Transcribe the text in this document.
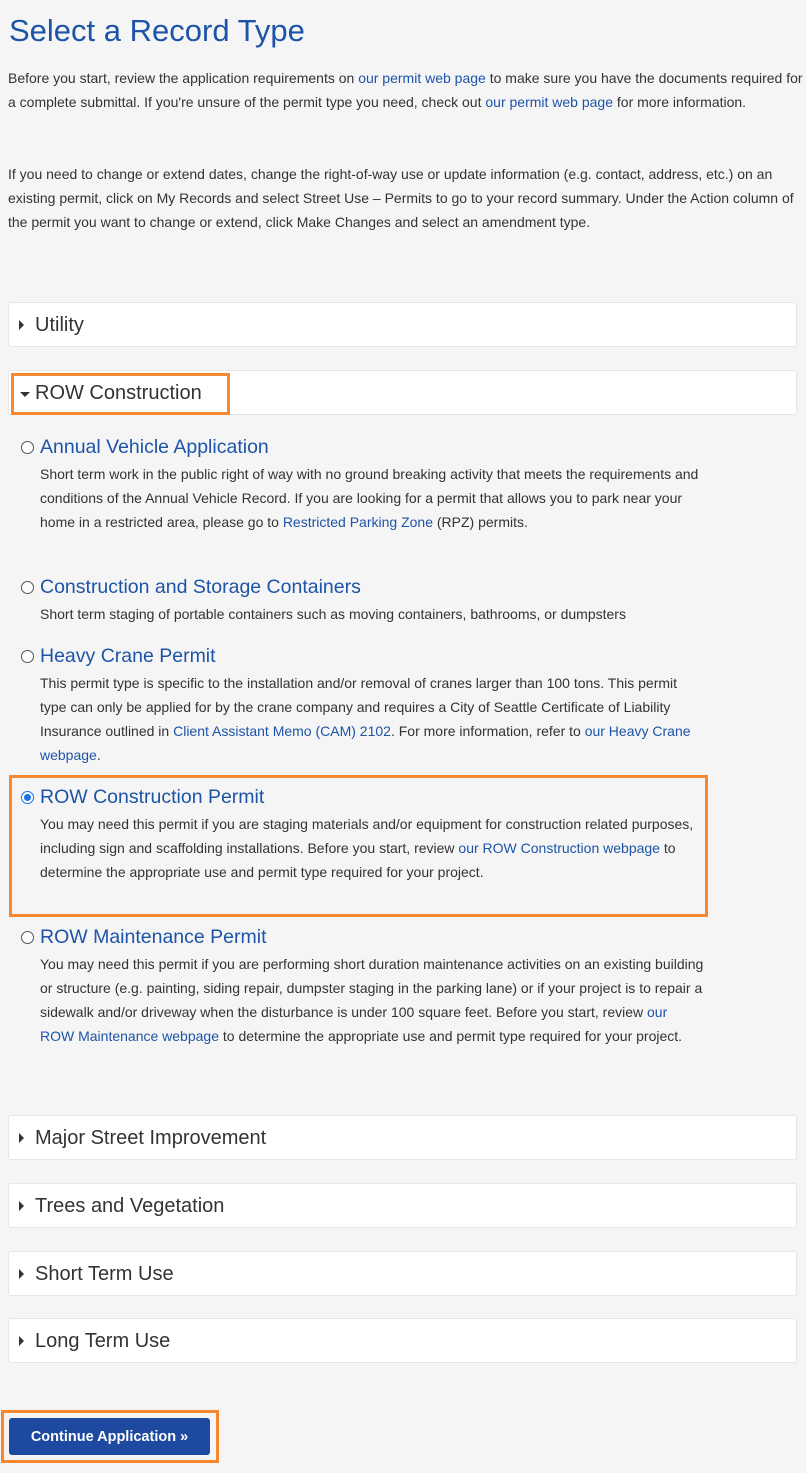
Select a Record Type

Before you start, review the application requirements on our permit web page to make sure you have the documents required for a complete submittal. If you're unsure of the permit type you need, check out our permit web page for more information.

If you need to change or extend dates, change the right-of-way use or update information (e.g. contact, address, etc.) on an existing permit, click on My Records and select Street Use – Permits to go to your record summary. Under the Action column of the permit you want to change or extend, click Make Changes and select an amendment type.

Utility
ROW Construction
Annual Vehicle Application
Short term work in the public right of way with no ground breaking activity that meets the requirements and conditions of the Annual Vehicle Record. If you are looking for a permit that allows you to park near your home in a restricted area, please go to Restricted Parking Zone (RPZ) permits.
Construction and Storage Containers
Short term staging of portable containers such as moving containers, bathrooms, or dumpsters
Heavy Crane Permit
This permit type is specific to the installation and/or removal of cranes larger than 100 tons. This permit type can only be applied for by the crane company and requires a City of Seattle Certificate of Liability Insurance outlined in Client Assistant Memo (CAM) 2102. For more information, refer to our Heavy Crane webpage.
ROW Construction Permit
You may need this permit if you are staging materials and/or equipment for construction related purposes, including sign and scaffolding installations. Before you start, review our ROW Construction webpage to determine the appropriate use and permit type required for your project.
ROW Maintenance Permit
You may need this permit if you are performing short duration maintenance activities on an existing building or structure (e.g. painting, siding repair, dumpster staging in the parking lane) or if your project is to repair a sidewalk and/or driveway when the disturbance is under 100 square feet. Before you start, review our ROW Maintenance webpage to determine the appropriate use and permit type required for your project.
Major Street Improvement
Trees and Vegetation
Short Term Use
Long Term Use
Continue Application »
